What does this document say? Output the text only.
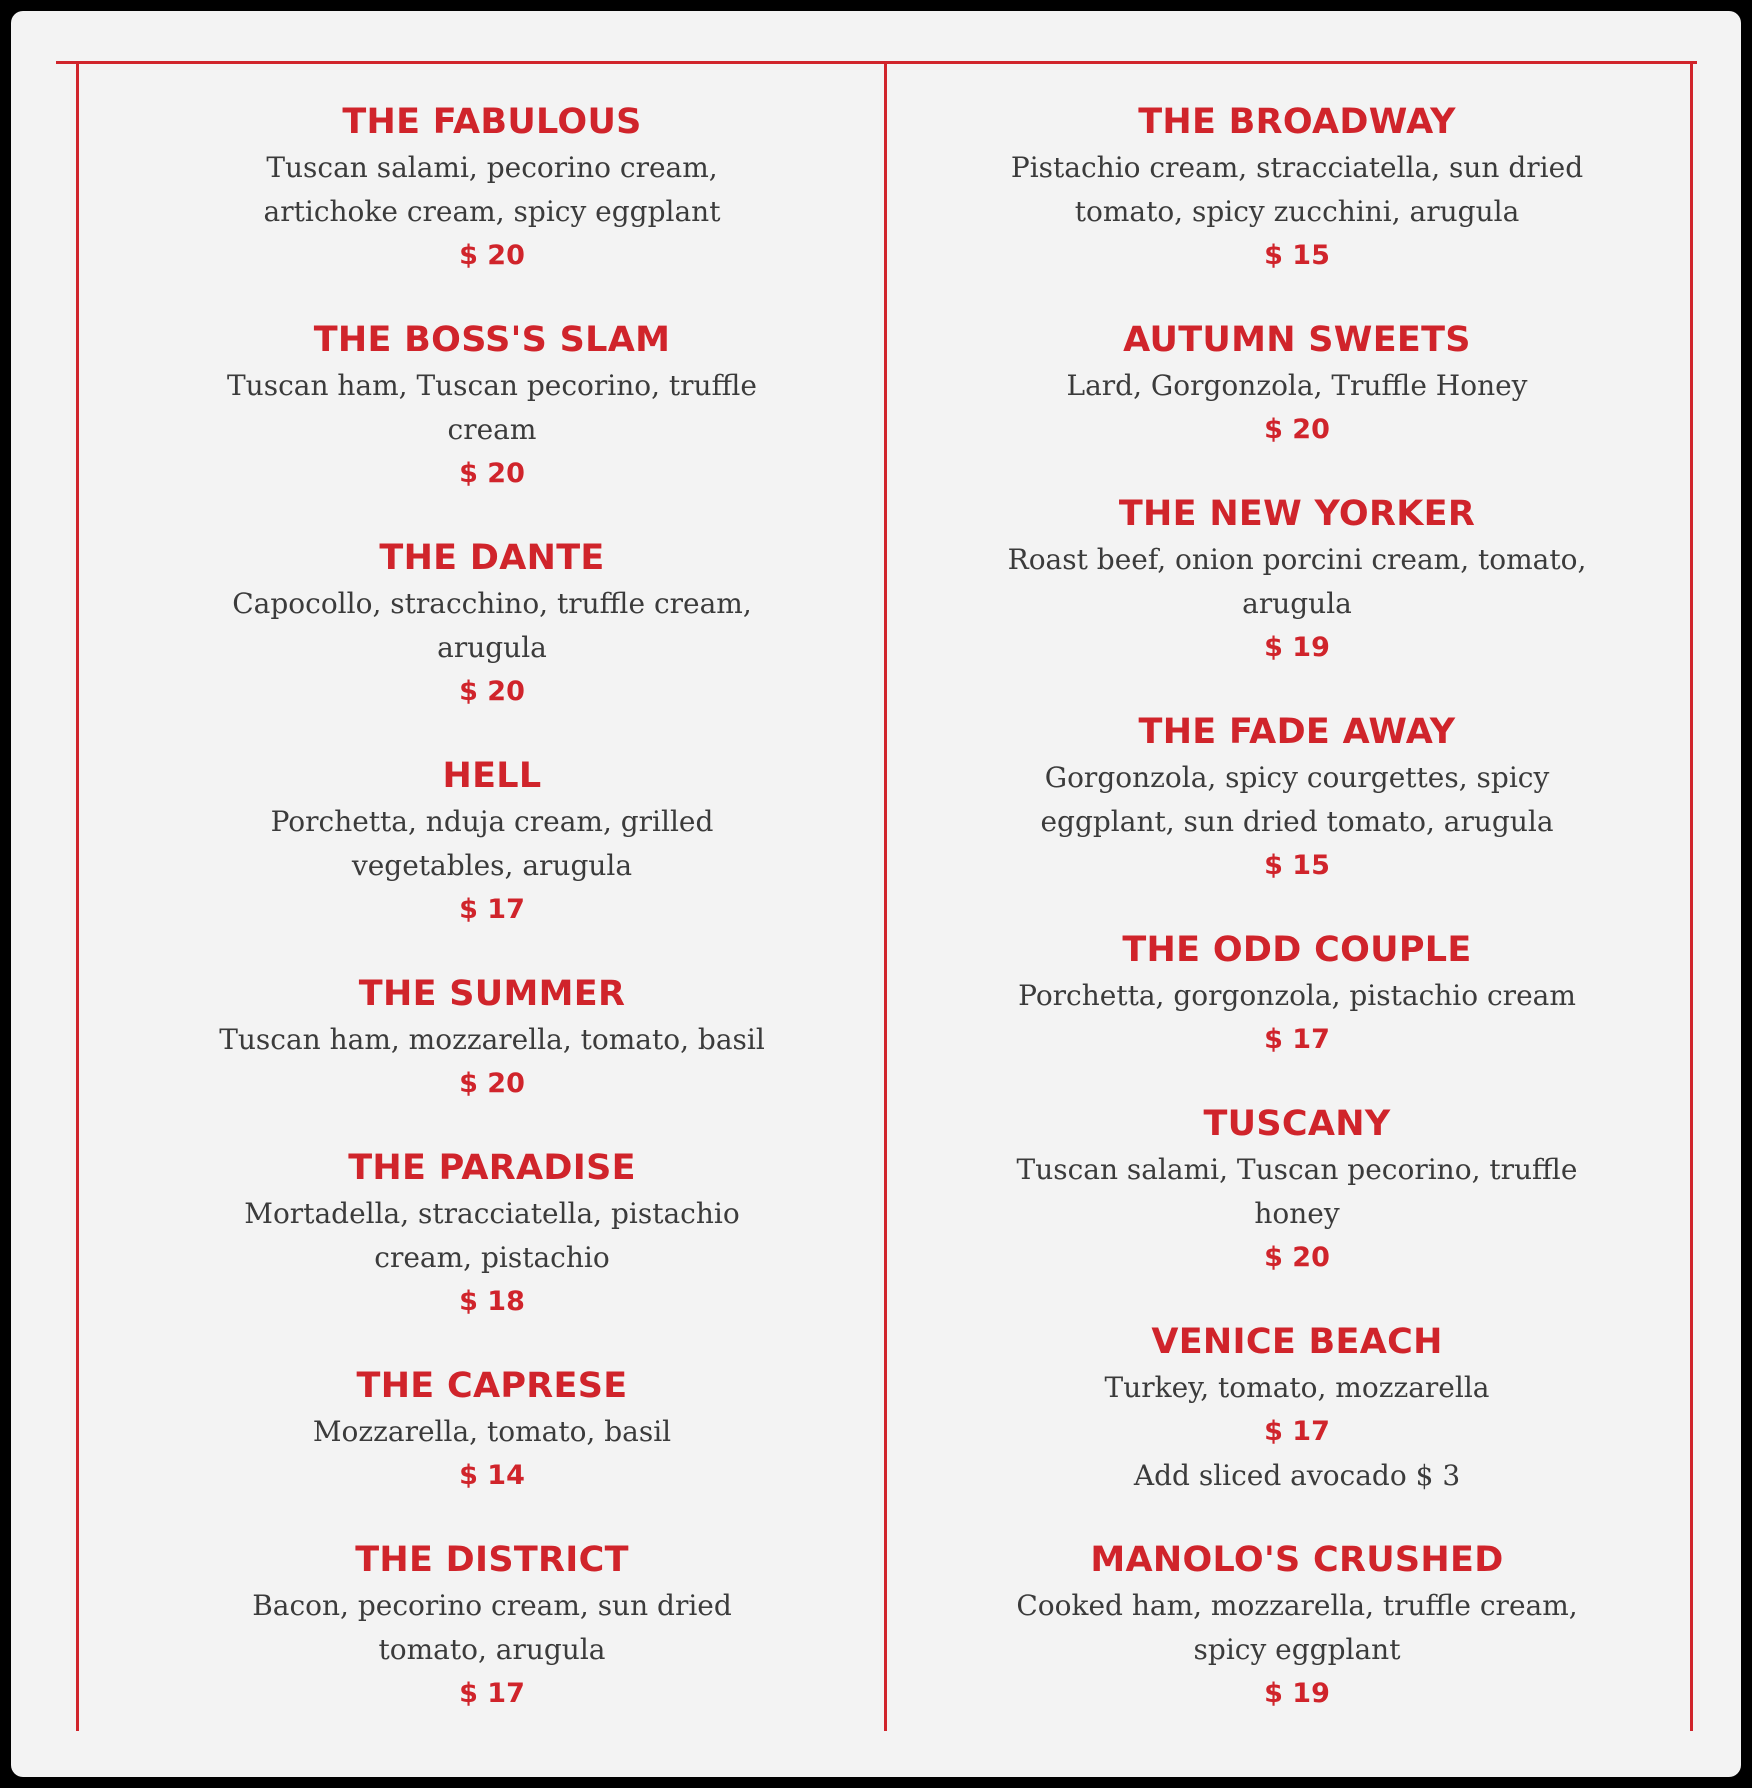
THE FABULOUS
Tuscan salami, pecorino cream, artichoke cream, spicy eggplant
$ 20
THE BOSS'S SLAM
Tuscan ham, Tuscan pecorino, truffle cream
$ 20
THE DANTE
Capocollo, stracchino, truffle cream, arugula
$ 20
HELL
Porchetta, nduja cream, grilled vegetables, arugula
$ 17
THE SUMMER
Tuscan ham, mozzarella, tomato, basil
$ 20
THE PARADISE
Mortadella, stracciatella, pistachio cream, pistachio
$ 18
THE CAPRESE
Mozzarella, tomato, basil
$ 14
THE DISTRICT
Bacon, pecorino cream, sun dried tomato, arugula
$ 17
THE BROADWAY
Pistachio cream, stracciatella, sun dried tomato, spicy zucchini, arugula
$ 15
AUTUMN SWEETS
Lard, Gorgonzola, Truffle Honey
$ 20
THE NEW YORKER
Roast beef, onion porcini cream, tomato, arugula
$ 19
THE FADE AWAY
Gorgonzola, spicy courgettes, spicy eggplant, sun dried tomato, arugula
$ 15
THE ODD COUPLE
Porchetta, gorgonzola, pistachio cream
$ 17
TUSCANY
Tuscan salami, Tuscan pecorino, truffle honey
$ 20
VENICE BEACH
Turkey, tomato, mozzarella
$ 17
Add sliced avocado $ 3
MANOLO'S CRUSHED
Cooked ham, mozzarella, truffle cream, spicy eggplant
$ 19
